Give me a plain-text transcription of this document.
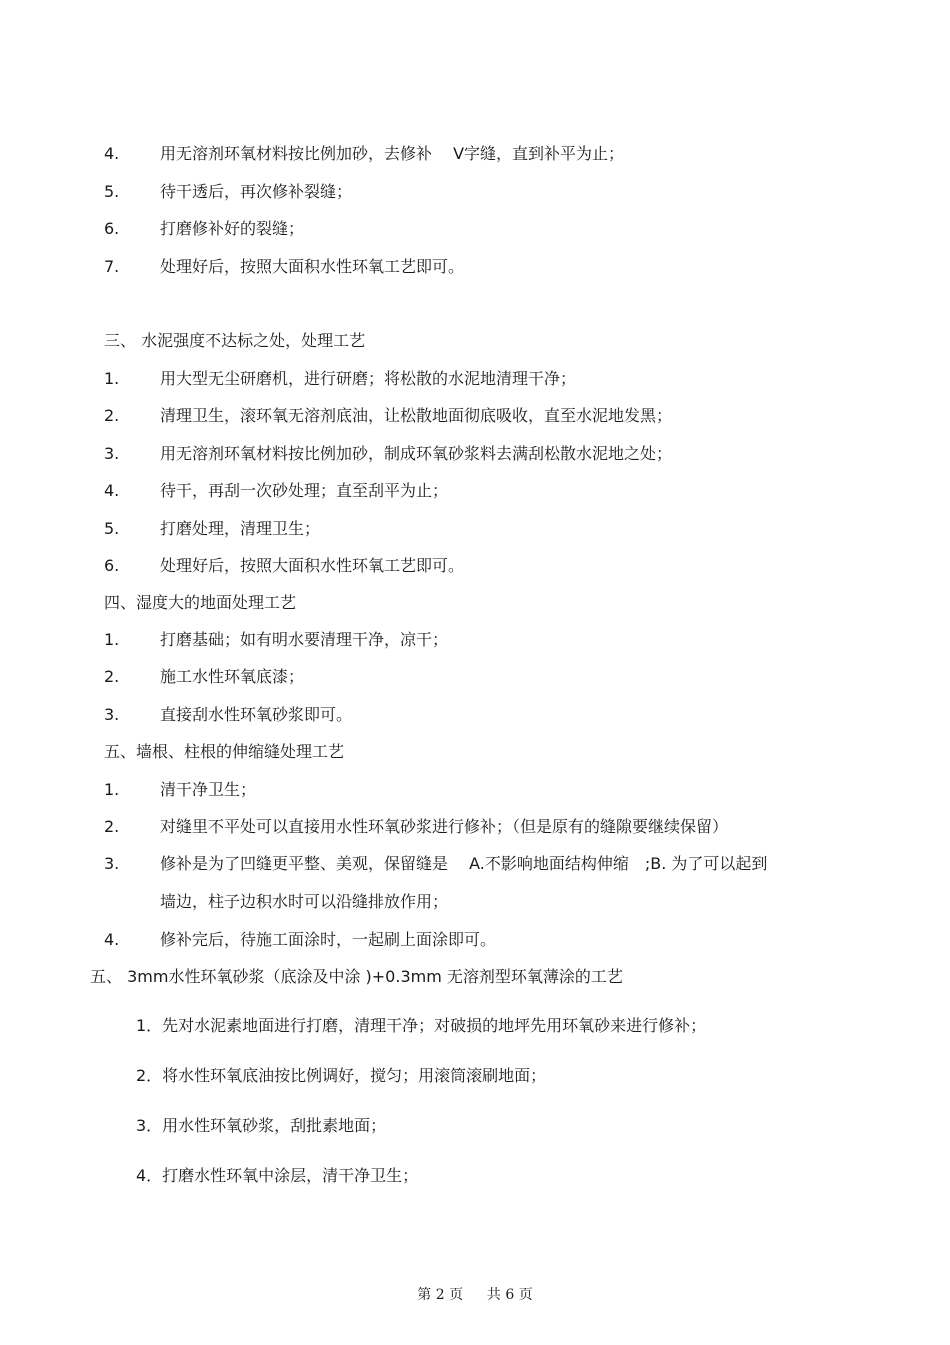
4.	用无溶剂环氧材料按比例加砂，去修补　 V字缝，直到补平为止；
5.	待干透后，再次修补裂缝；
6.	打磨修补好的裂缝；
7.	处理好后，按照大面积水性环氧工艺即可。
三、 水泥强度不达标之处，处理工艺
1.	用大型无尘研磨机，进行研磨；将松散的水泥地清理干净；
2.	清理卫生，滚环氧无溶剂底油，让松散地面彻底吸收，直至水泥地发黑；
3.	用无溶剂环氧材料按比例加砂，制成环氧砂浆料去满刮松散水泥地之处；
4.	待干，再刮一次砂处理；直至刮平为止；
5.	打磨处理，清理卫生；
6.	处理好后，按照大面积水性环氧工艺即可。
四、湿度大的地面处理工艺
1.	打磨基础；如有明水要清理干净，凉干；
2.	施工水性环氧底漆；
3.	直接刮水性环氧砂浆即可。
五、墙根、柱根的伸缩缝处理工艺
1.	清干净卫生；
2.	对缝里不平处可以直接用水性环氧砂浆进行修补；（但是原有的缝隙要继续保留）
3.	修补是为了凹缝更平整、美观，保留缝是　 A.不影响地面结构伸缩　;B. 为了可以起到
墙边，柱子边积水时可以沿缝排放作用；
4.	修补完后，待施工面涂时，一起刷上面涂即可。
五、 3mm水性环氧砂浆（底涂及中涂 )+0.3mm 无溶剂型环氧薄涂的工艺
1．先对水泥素地面进行打磨，清理干净；对破损的地坪先用环氧砂来进行修补；
2．将水性环氧底油按比例调好，搅匀；用滚筒滚刷地面；
3．用水性环氧砂浆，刮批素地面；
4．打磨水性环氧中涂层，清干净卫生；
第 2 页 共 6 页
